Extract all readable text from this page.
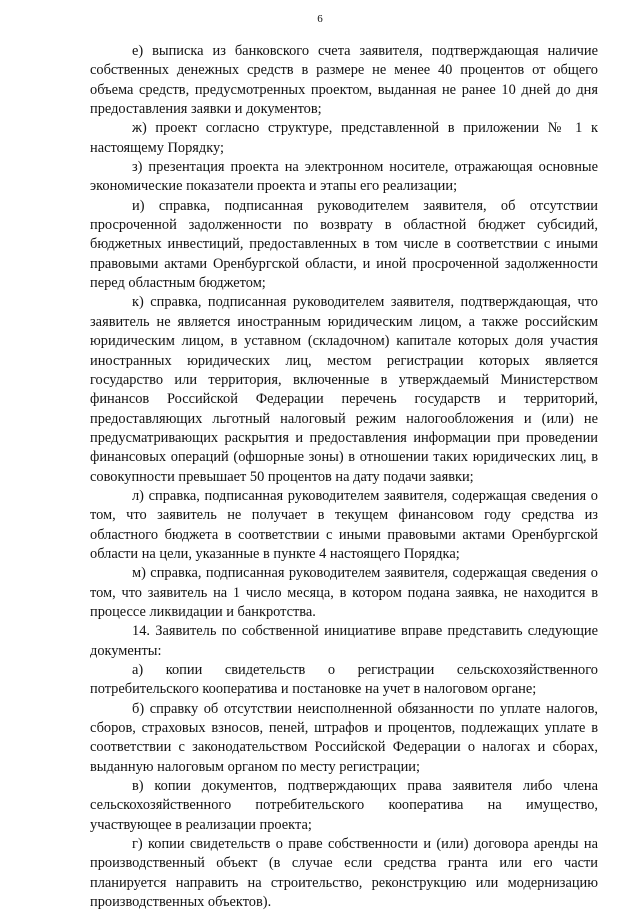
6

е) выписка из банковского счета заявителя, подтверждающая наличие собственных денежных средств в размере не менее 40 процентов от общего объема средств, предусмотренных проектом, выданная не ранее 10 дней до дня предоставления заявки и документов;

ж) проект согласно структуре, представленной в приложении № 1 к настоящему Порядку;

з) презентация проекта на электронном носителе, отражающая основные экономические показатели проекта и этапы его реализации;

и) справка, подписанная руководителем заявителя, об отсутствии просроченной задолженности по возврату в областной бюджет субсидий, бюджетных инвестиций, предоставленных в том числе в соответствии с иными правовыми актами Оренбургской области, и иной просроченной задолженности перед областным бюджетом;

к) справка, подписанная руководителем заявителя, подтверждающая, что заявитель не является иностранным юридическим лицом, а также российским юридическим лицом, в уставном (складочном) капитале которых доля участия иностранных юридических лиц, местом регистрации которых является государство или территория, включенные в утверждаемый Министерством финансов Российской Федерации перечень государств и территорий, предоставляющих льготный налоговый режим налогообложения и (или) не предусматривающих раскрытия и предоставления информации при проведении финансовых операций (офшорные зоны) в отношении таких юридических лиц, в совокупности превышает 50 процентов на дату подачи заявки;

л) справка, подписанная руководителем заявителя, содержащая сведения о том, что заявитель не получает в текущем финансовом году средства из областного бюджета в соответствии с иными правовыми актами Оренбургской области на цели, указанные в пункте 4 настоящего Порядка;

м) справка, подписанная руководителем заявителя, содержащая сведения о том, что заявитель на 1 число месяца, в котором подана заявка, не находится в процессе ликвидации и банкротства.

14. Заявитель по собственной инициативе вправе представить следующие документы:

а) копии свидетельств о регистрации сельскохозяйственного потребительского кооператива и постановке на учет в налоговом органе;

б) справку об отсутствии неисполненной обязанности по уплате налогов, сборов, страховых взносов, пеней, штрафов и процентов, подлежащих уплате в соответствии с законодательством Российской Федерации о налогах и сборах, выданную налоговым органом по месту регистрации;

в) копии документов, подтверждающих права заявителя либо члена сельскохозяйственного потребительского кооператива на имущество, участвующее в реализации проекта;

г) копии свидетельств о праве собственности и (или) договора аренды на производственный объект (в случае если средства гранта или его части планируется направить на строительство, реконструкцию или модернизацию производственных объектов).
